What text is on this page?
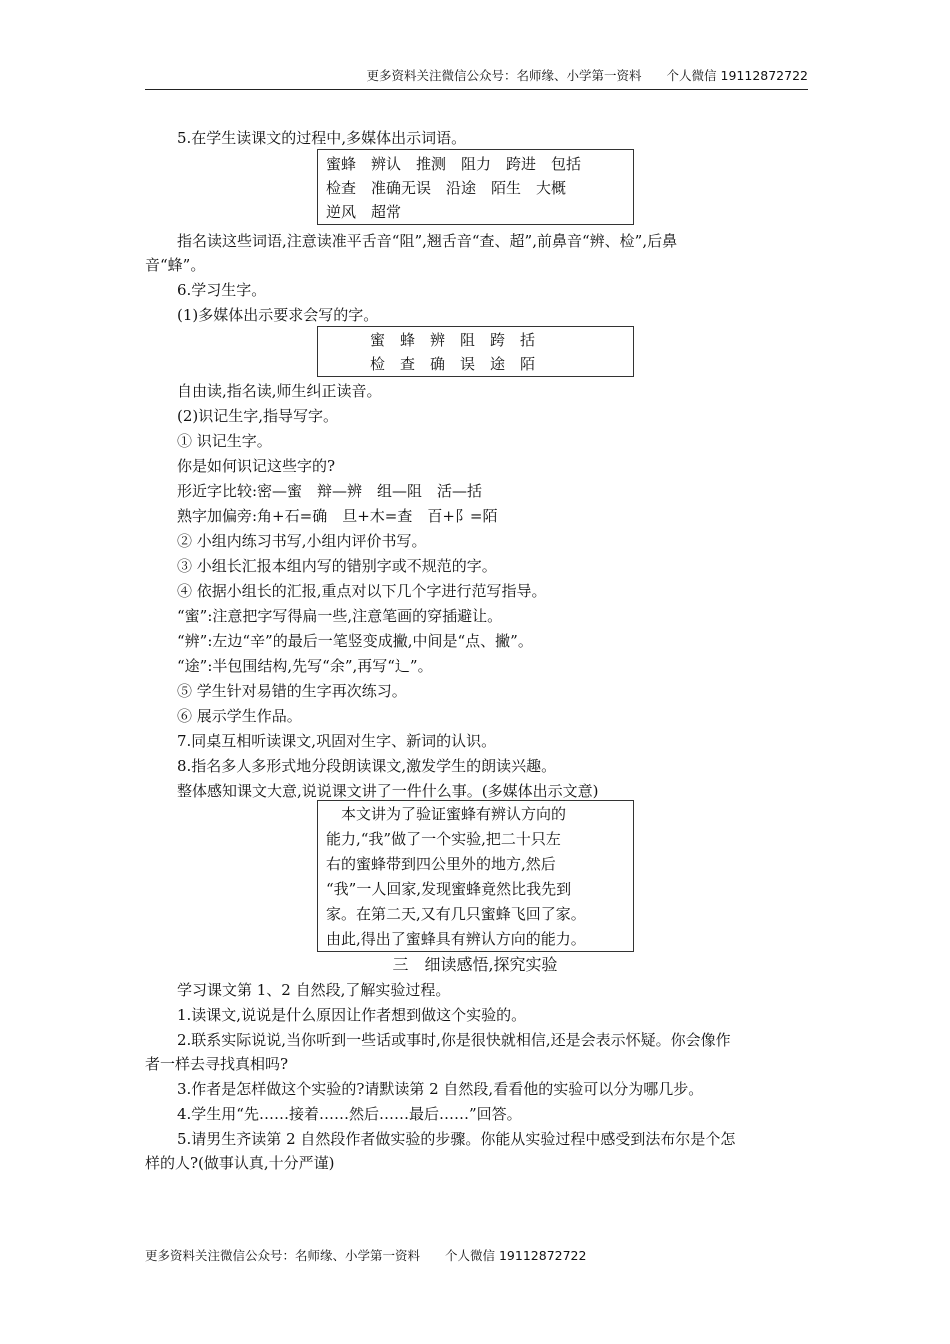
更多资料关注微信公众号：名师缘、小学第一资料　　个人微信 19112872722
5.在学生读课文的过程中,多媒体出示词语。
蜜蜂　辨认　推测　阻力　跨进　包括
检查　准确无误　沿途　陌生　大概
逆风　超常
指名读这些词语,注意读准平舌音“阻”,翘舌音“查、超”,前鼻音“辨、检”,后鼻
音“蜂”。
6.学习生字。
(1)多媒体出示要求会写的字。
蜜　蜂　辨　阻　跨　括
检　查　确　误　途　陌
自由读,指名读,师生纠正读音。
(2)识记生字,指导写字。
① 识记生字。
你是如何识记这些字的?
形近字比较:密—蜜　辩—辨　组—阻　活—括
熟字加偏旁:角+石=确　旦+木=查　百+阝=陌
② 小组内练习书写,小组内评价书写。
③ 小组长汇报本组内写的错别字或不规范的字。
④ 依据小组长的汇报,重点对以下几个字进行范写指导。
“蜜”:注意把字写得扁一些,注意笔画的穿插避让。
“辨”:左边“辛”的最后一笔竖变成撇,中间是“点、撇”。
“途”:半包围结构,先写“余”,再写“辶”。
⑤ 学生针对易错的生字再次练习。
⑥ 展示学生作品。
7.同桌互相听读课文,巩固对生字、新词的认识。
8.指名多人多形式地分段朗读课文,激发学生的朗读兴趣。
整体感知课文大意,说说课文讲了一件什么事。(多媒体出示文意)
　本文讲为了验证蜜蜂有辨认方向的
能力,“我”做了一个实验,把二十只左
右的蜜蜂带到四公里外的地方,然后
“我”一人回家,发现蜜蜂竟然比我先到
家。在第二天,又有几只蜜蜂飞回了家。
由此,得出了蜜蜂具有辨认方向的能力。
三　细读感悟,探究实验
学习课文第 1、2 自然段,了解实验过程。
1.读课文,说说是什么原因让作者想到做这个实验的。
2.联系实际说说,当你听到一些话或事时,你是很快就相信,还是会表示怀疑。你会像作
者一样去寻找真相吗?
3.作者是怎样做这个实验的?请默读第 2 自然段,看看他的实验可以分为哪几步。
4.学生用“先……接着……然后……最后……”回答。
5.请男生齐读第 2 自然段作者做实验的步骤。你能从实验过程中感受到法布尔是个怎
样的人?(做事认真,十分严谨)
更多资料关注微信公众号：名师缘、小学第一资料　　个人微信 19112872722
